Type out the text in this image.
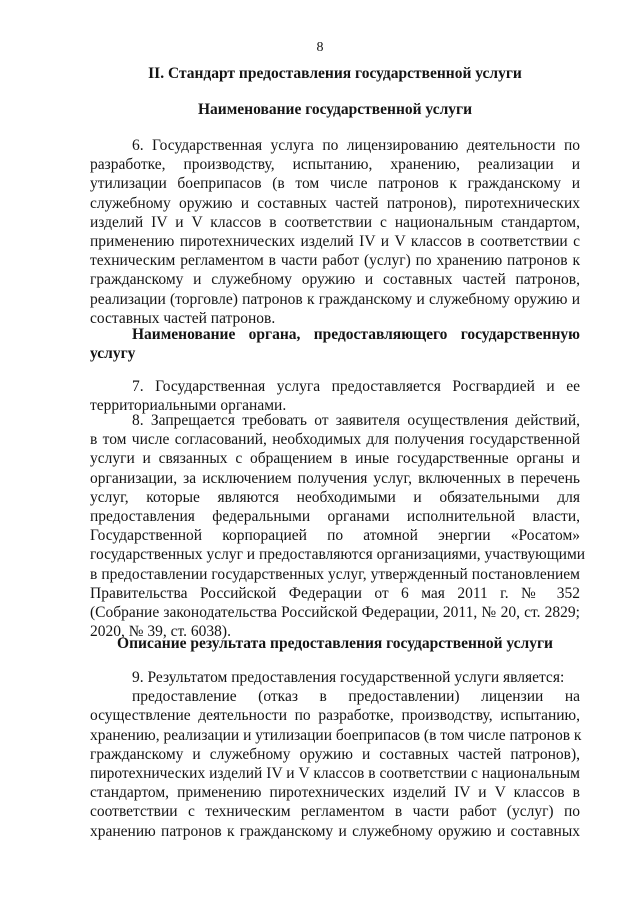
8
II. Стандарт предоставления государственной услуги
Наименование государственной услуги
6. Государственная услуга по лицензированию деятельности по
разработке, производству, испытанию, хранению, реализации и
утилизации боеприпасов (в том числе патронов к гражданскому и
служебному оружию и составных частей патронов), пиротехнических
изделий IV и V классов в соответствии с национальным стандартом,
применению пиротехнических изделий IV и V классов в соответствии с
техническим регламентом в части работ (услуг) по хранению патронов к
гражданскому и служебному оружию и составных частей патронов,
реализации (торговле) патронов к гражданскому и служебному оружию и
составных частей патронов.
Наименование органа, предоставляющего государственную
услугу
7. Государственная услуга предоставляется Росгвардией и ее
территориальными органами.
8. Запрещается требовать от заявителя осуществления действий,
в том числе согласований, необходимых для получения государственной
услуги и связанных с обращением в иные государственные органы и
организации, за исключением получения услуг, включенных в перечень
услуг, которые являются необходимыми и обязательными для
предоставления федеральными органами исполнительной власти,
Государственной корпорацией по атомной энергии «Росатом»
государственных услуг и предоставляются организациями, участвующими
в предоставлении государственных услуг, утвержденный постановлением
Правительства Российской Федерации от 6 мая 2011 г. № 352
(Собрание законодательства Российской Федерации, 2011, № 20, ст. 2829;
2020, № 39, ст. 6038).
Описание результата предоставления государственной услуги
9. Результатом предоставления государственной услуги является:
предоставление (отказ в предоставлении) лицензии на
осуществление деятельности по разработке, производству, испытанию,
хранению, реализации и утилизации боеприпасов (в том числе патронов к
гражданскому и служебному оружию и составных частей патронов),
пиротехнических изделий IV и V классов в соответствии с национальным
стандартом, применению пиротехнических изделий IV и V классов в
соответствии с техническим регламентом в части работ (услуг) по
хранению патронов к гражданскому и служебному оружию и составных
